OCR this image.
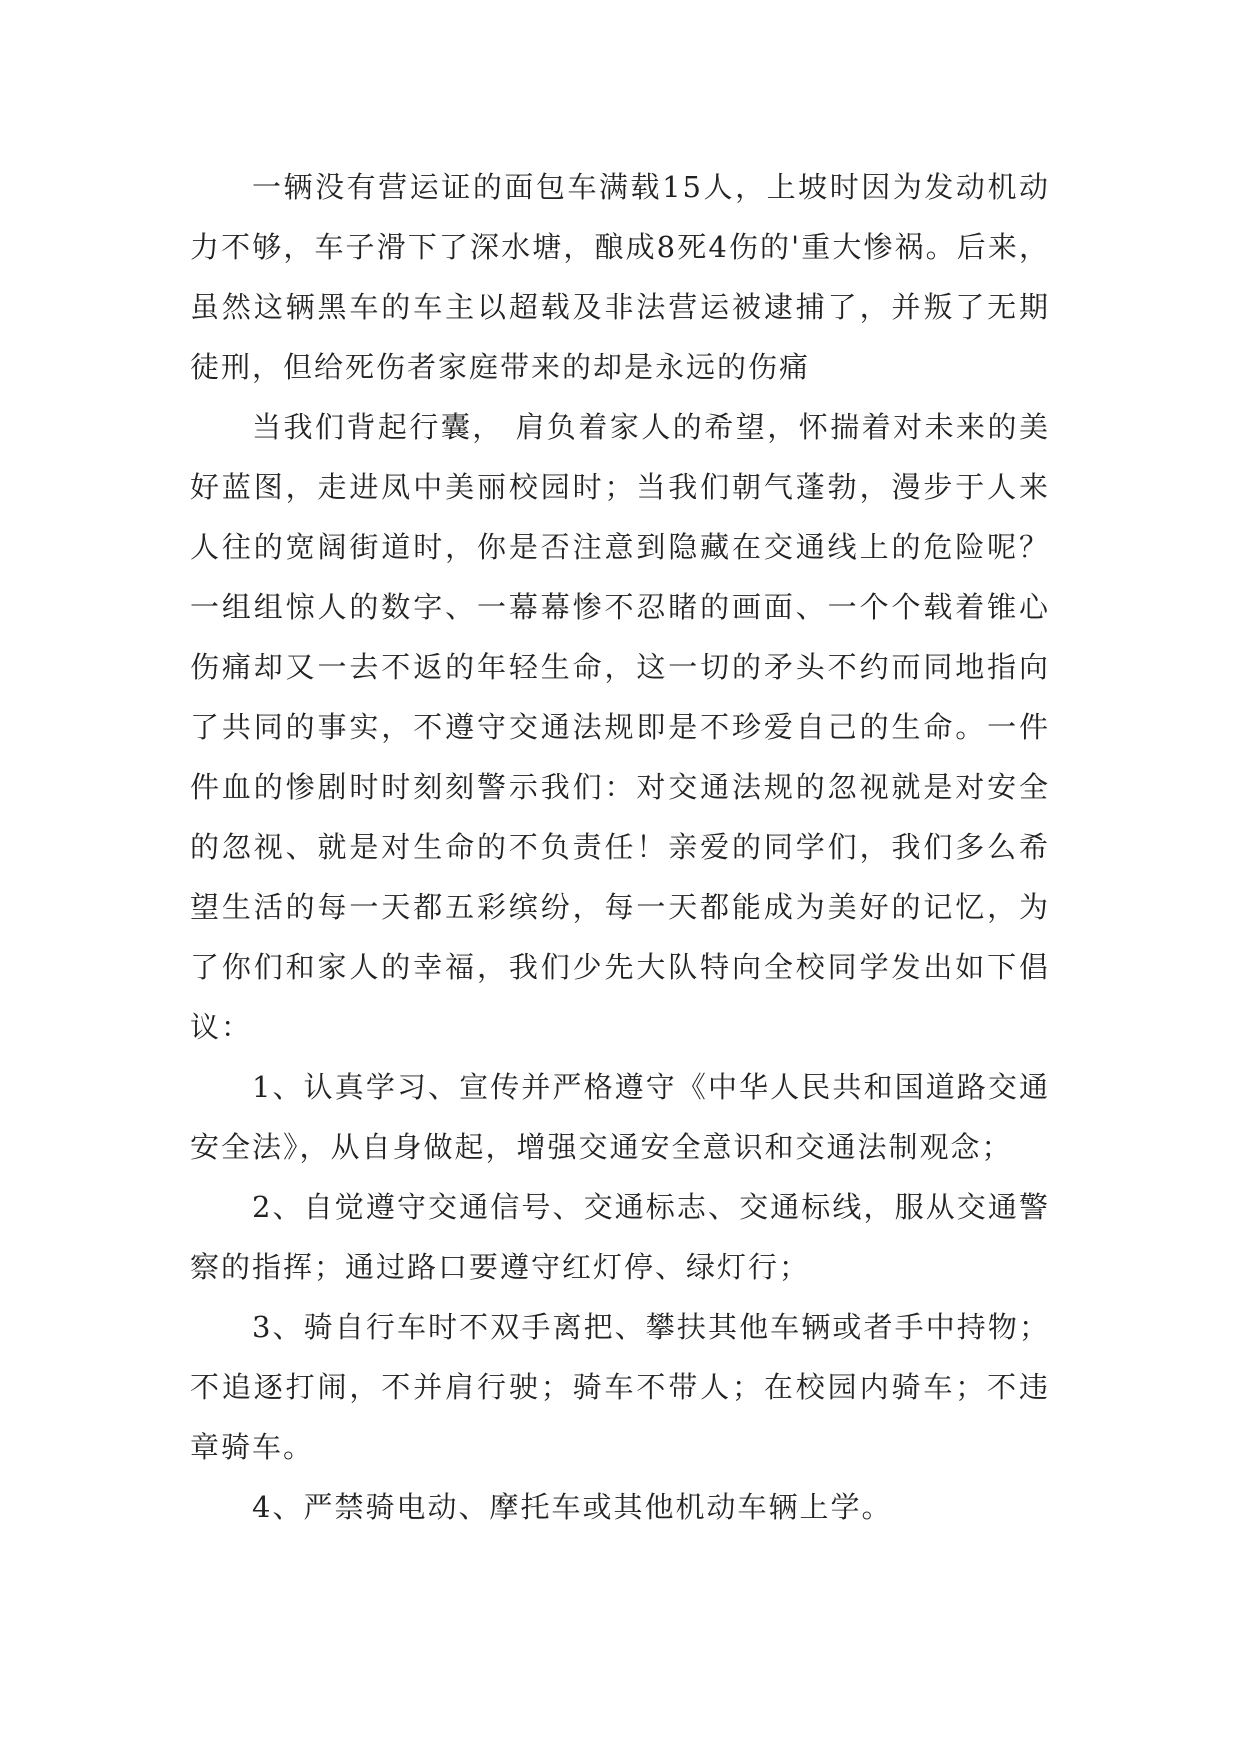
一辆没有营运证的面包车满载15人，上坡时因为发动机动力不够，车子滑下了深水塘，酿成8死4伤的'重大惨祸。后来，虽然这辆黑车的车主以超载及非法营运被逮捕了，并叛了无期徒刑，但给死伤者家庭带来的却是永远的伤痛

当我们背起行囊， 肩负着家人的希望，怀揣着对未来的美好蓝图，走进凤中美丽校园时；当我们朝气蓬勃，漫步于人来人往的宽阔街道时，你是否注意到隐藏在交通线上的危险呢？一组组惊人的数字、一幕幕惨不忍睹的画面、一个个载着锥心伤痛却又一去不返的年轻生命，这一切的矛头不约而同地指向了共同的事实，不遵守交通法规即是不珍爱自己的生命。一件件血的惨剧时时刻刻警示我们：对交通法规的忽视就是对安全的忽视、就是对生命的不负责任！亲爱的同学们，我们多么希望生活的每一天都五彩缤纷，每一天都能成为美好的记忆，为了你们和家人的幸福，我们少先大队特向全校同学发出如下倡议：

1、认真学习、宣传并严格遵守《中华人民共和国道路交通安全法》，从自身做起，增强交通安全意识和交通法制观念；

2、自觉遵守交通信号、交通标志、交通标线，服从交通警察的指挥；通过路口要遵守红灯停、绿灯行；

3、骑自行车时不双手离把、攀扶其他车辆或者手中持物；不追逐打闹，不并肩行驶；骑车不带人；在校园内骑车；不违章骑车。

4、严禁骑电动、摩托车或其他机动车辆上学。
